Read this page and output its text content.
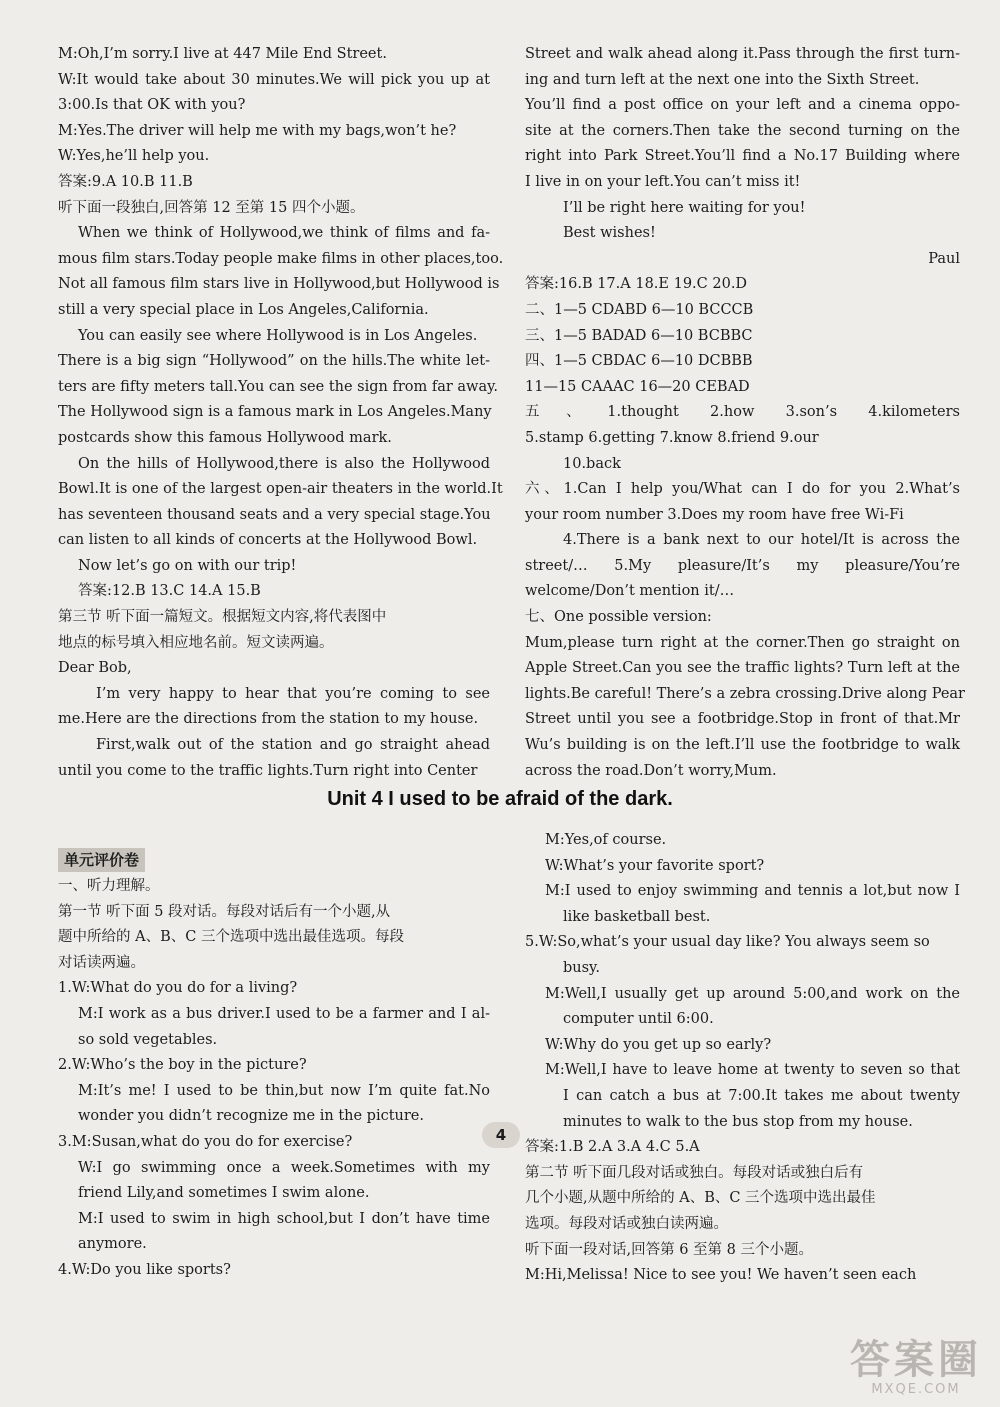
M:Oh,I’m sorry.I live at 447 Mile End Street.
W:It would take about 30 minutes.We will pick you up at
3:00.Is that OK with you?
M:Yes.The driver will help me with my bags,won’t he?
W:Yes,he’ll help you.
答案:9.A 10.B 11.B
听下面一段独白,回答第 12 至第 15 四个小题。
When we think of Hollywood,we think of films and fa-
mous film stars.Today people make films in other places,too.
Not all famous film stars live in Hollywood,but Hollywood is
still a very special place in Los Angeles,California.
You can easily see where Hollywood is in Los Angeles.
There is a big sign “Hollywood” on the hills.The white let-
ters are fifty meters tall.You can see the sign from far away.
The Hollywood sign is a famous mark in Los Angeles.Many
postcards show this famous Hollywood mark.
On the hills of Hollywood,there is also the Hollywood
Bowl.It is one of the largest open-air theaters in the world.It
has seventeen thousand seats and a very special stage.You
can listen to all kinds of concerts at the Hollywood Bowl.
Now let’s go on with our trip!
答案:12.B 13.C 14.A 15.B
第三节 听下面一篇短文。根据短文内容,将代表图中
地点的标号填入相应地名前。短文读两遍。
Dear Bob,
I’m very happy to hear that you’re coming to see
me.Here are the directions from the station to my house.
First,walk out of the station and go straight ahead
until you come to the traffic lights.Turn right into Center
Street and walk ahead along it.Pass through the first turn-
ing and turn left at the next one into the Sixth Street.
You’ll find a post office on your left and a cinema oppo-
site at the corners.Then take the second turning on the
right into Park Street.You’ll find a No.17 Building where
I live in on your left.You can’t miss it!
I’ll be right here waiting for you!
Best wishes!
Paul
答案:16.B 17.A 18.E 19.C 20.D
二、1—5 CDABD 6—10 BCCCB
三、1—5 BADAD 6—10 BCBBC
四、1—5 CBDAC 6—10 DCBBB
11—15 CAAAC 16—20 CEBAD
五、1.thought 2.how 3.son’s 4.kilometers
5.stamp 6.getting 7.know 8.friend 9.our
10.back
六、1.Can I help you/What can I do for you 2.What’s
your room number 3.Does my room have free Wi-Fi
4.There is a bank next to our hotel/It is across the
street/… 5.My pleasure/It’s my pleasure/You’re
welcome/Don’t mention it/…
七、One possible version:
Mum,please turn right at the corner.Then go straight on
Apple Street.Can you see the traffic lights? Turn left at the
lights.Be careful! There’s a zebra crossing.Drive along Pear
Street until you see a footbridge.Stop in front of that.Mr
Wu’s building is on the left.I’ll use the footbridge to walk
across the road.Don’t worry,Mum.
Unit 4 I used to be afraid of the dark.
单元评价卷
一、听力理解。
第一节 听下面 5 段对话。每段对话后有一个小题,从
题中所给的 A、B、C 三个选项中选出最佳选项。每段
对话读两遍。
1.W:What do you do for a living?
M:I work as a bus driver.I used to be a farmer and I al-
so sold vegetables.
2.W:Who’s the boy in the picture?
M:It’s me! I used to be thin,but now I’m quite fat.No
wonder you didn’t recognize me in the picture.
3.M:Susan,what do you do for exercise?
W:I go swimming once a week.Sometimes with my
friend Lily,and sometimes I swim alone.
M:I used to swim in high school,but I don’t have time
anymore.
4.W:Do you like sports?
M:Yes,of course.
W:What’s your favorite sport?
M:I used to enjoy swimming and tennis a lot,but now I
like basketball best.
5.W:So,what’s your usual day like? You always seem so
busy.
M:Well,I usually get up around 5:00,and work on the
computer until 6:00.
W:Why do you get up so early?
M:Well,I have to leave home at twenty to seven so that
I can catch a bus at 7:00.It takes me about twenty
minutes to walk to the bus stop from my house.
答案:1.B 2.A 3.A 4.C 5.A
第二节 听下面几段对话或独白。每段对话或独白后有
几个小题,从题中所给的 A、B、C 三个选项中选出最佳
选项。每段对话或独白读两遍。
听下面一段对话,回答第 6 至第 8 三个小题。
M:Hi,Melissa! Nice to see you! We haven’t seen each
4
答案圈
MXQE.COM
